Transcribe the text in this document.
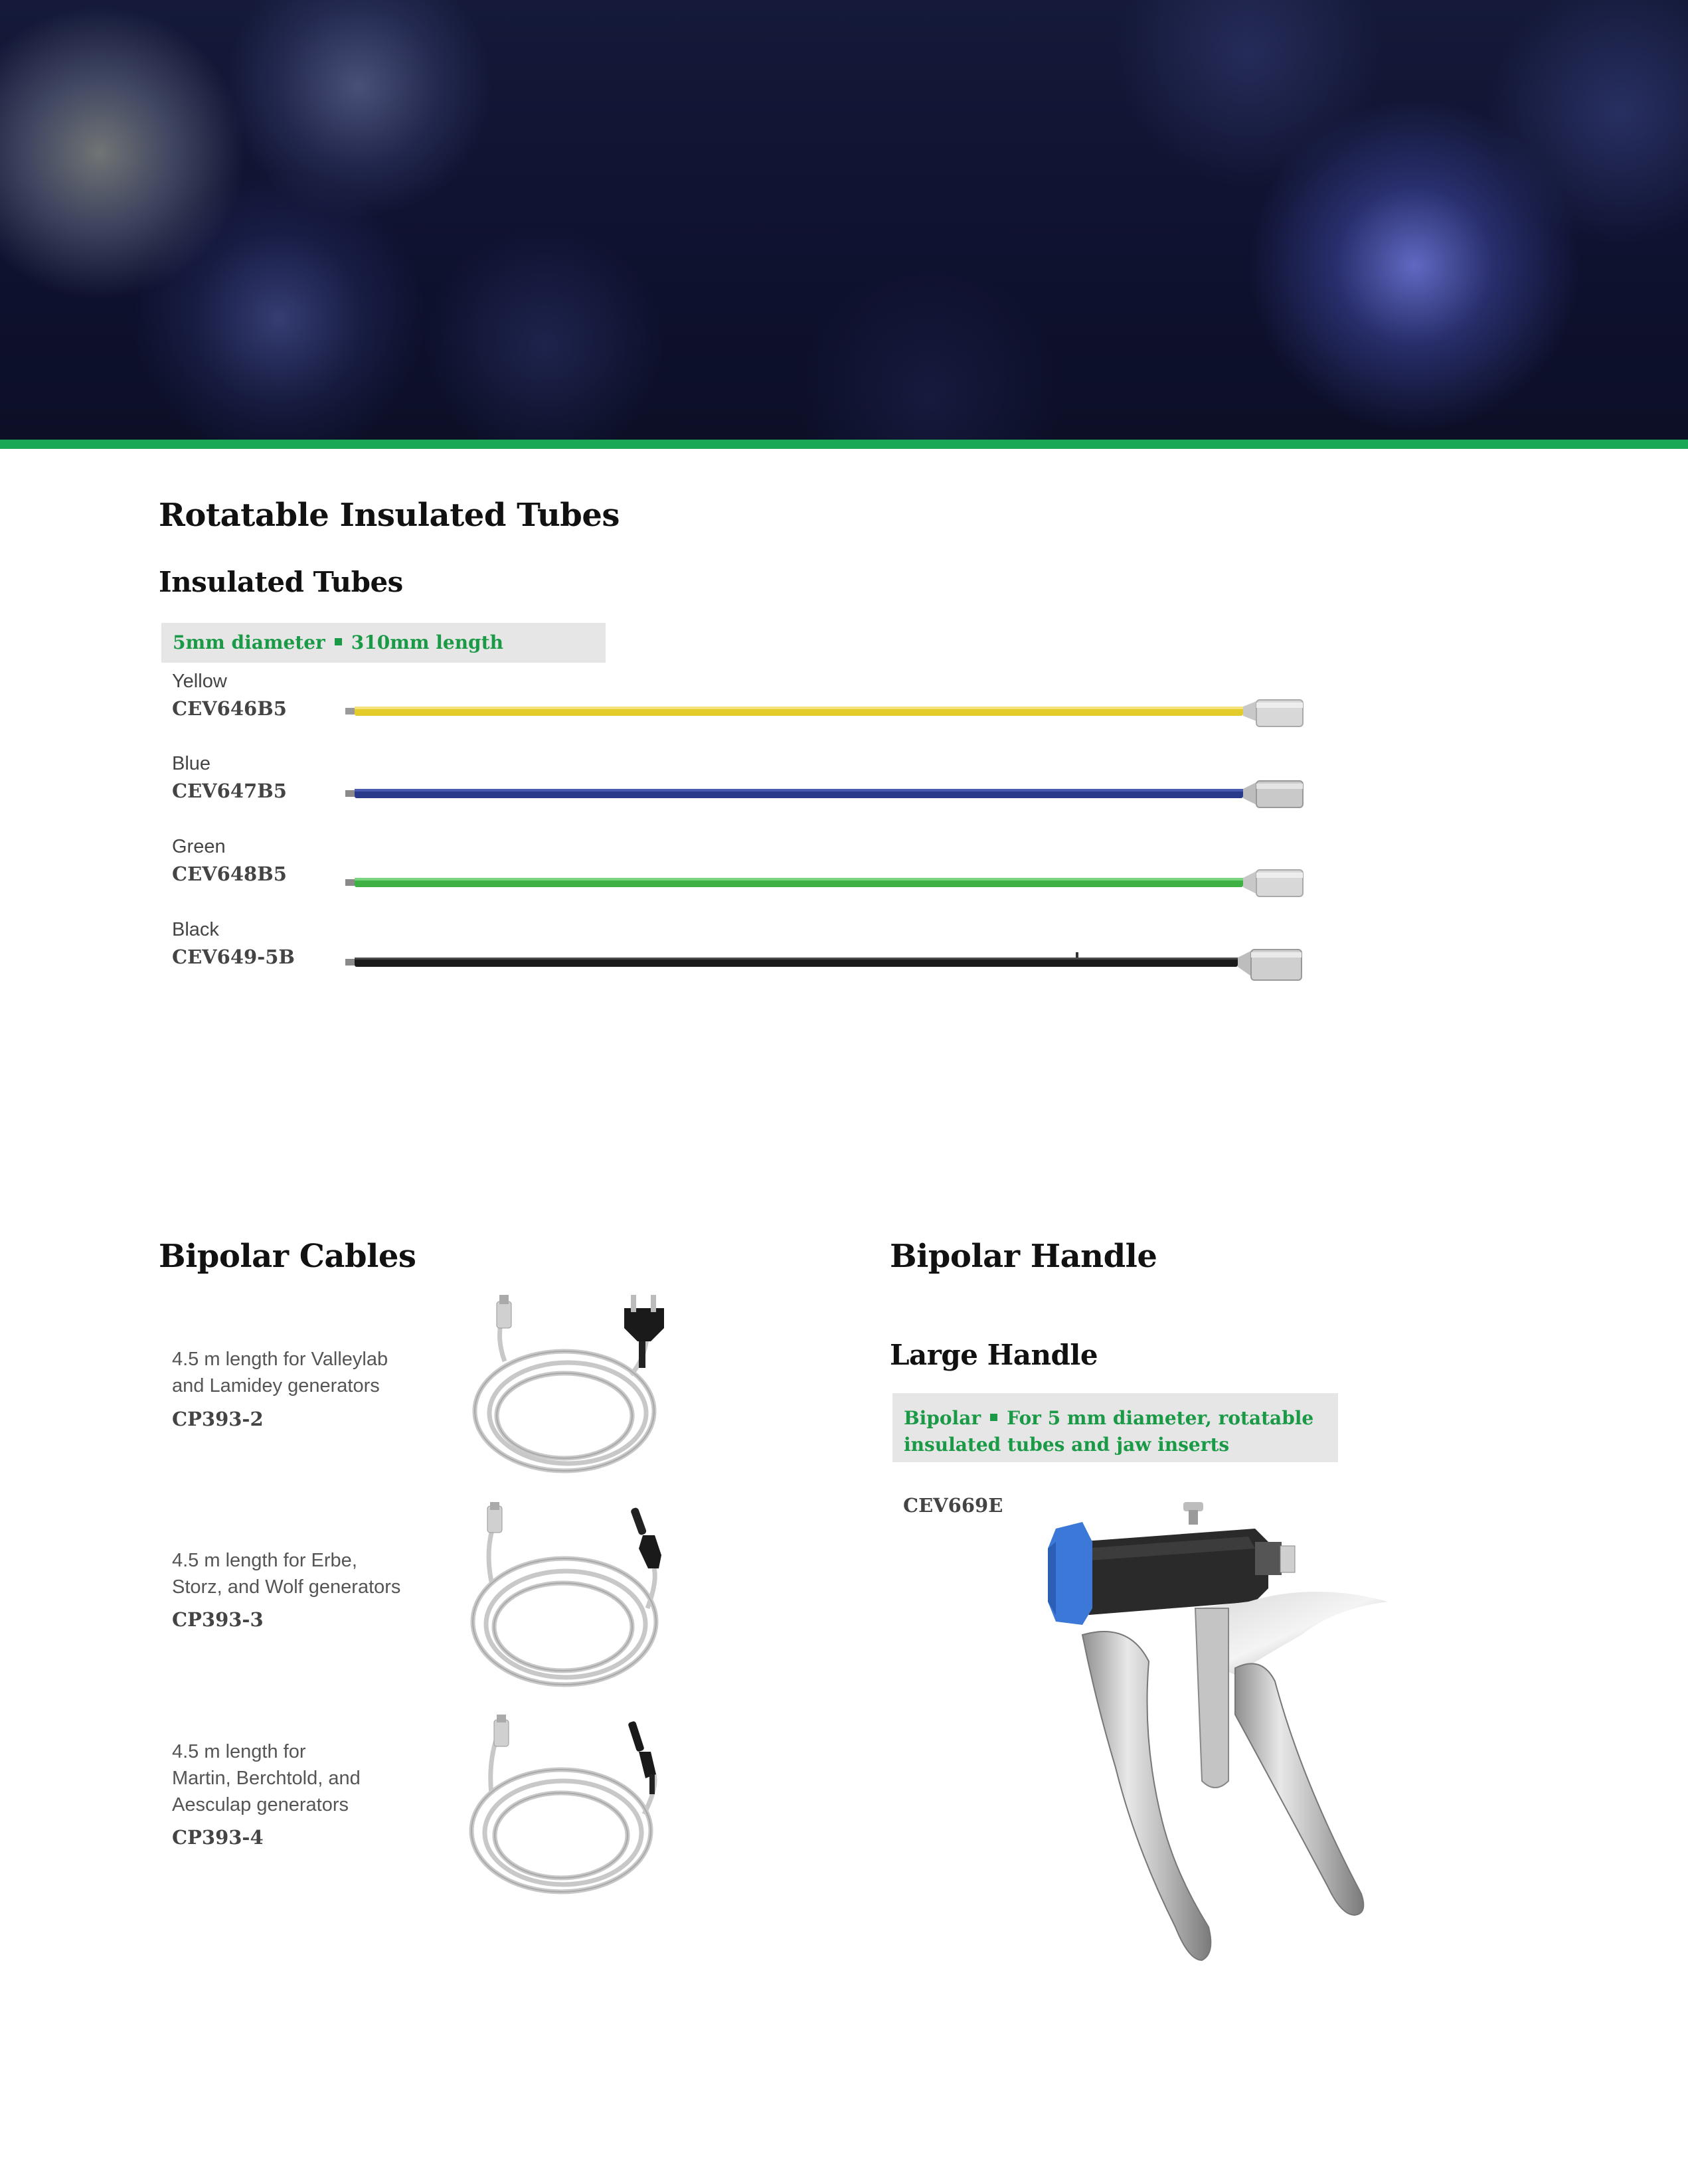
Rotatable Insulated Tubes
Insulated Tubes
5mm diameter 310mm length
Yellow
CEV646B5
Blue
CEV647B5
Green
CEV648B5
Black
CEV649-5B
Bipolar Cables
4.5 m length for Valleylab
and Lamidey generators
CP393-2
4.5 m length for Erbe,
Storz, and Wolf generators
CP393-3
4.5 m length for
Martin, Berchtold, and
Aesculap generators
CP393-4
Bipolar Handle
Large Handle
Bipolar For 5 mm diameter, rotatable
insulated tubes and jaw inserts
CEV669E
